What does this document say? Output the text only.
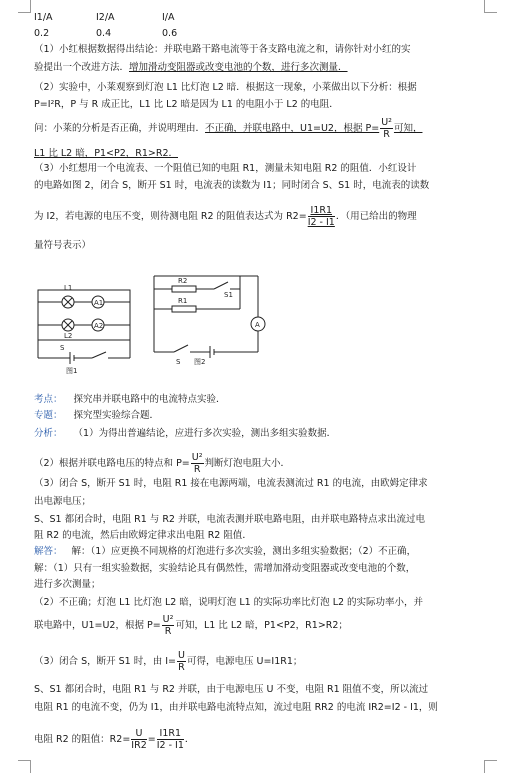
I1/A	I2/A	I/A
0.2	0.4	0.6
（1）小红根据数据得出结论：并联电路干路电流等于各支路电流之和，请你针对小红的实
验提出一个改进方法．增加滑动变阻器或改变电池的个数，进行多次测量．
（2）实验中，小莱观察到灯泡 L1 比灯泡 L2 暗．根据这一现象，小莱做出以下分析：根据
P=I²R，P 与 R 成正比，L1 比 L2 暗是因为 L1 的电阻小于 L2 的电阻．
问：小莱的分析是否正确，并说明理由．不正确，并联电路中，U1=U2，根据 $P= \frac{\text{U²}}{R}$ 可知，
L1 比 L2 暗，P1<P2，R1>R2．
（3）小红想用一个电流表、一个阻值已知的电阻 R1，测量未知电阻 R2 的阻值．小红设计
的电路如图 2，闭合 S，断开 S1 时，电流表的读数为 I1；同时闭合 S、S1 时，电流表的读数
为 I2，若电源的电压不变，则待测电阻 R2 的阻值表达式为 $R2= \frac{I1R1}{I2 - I1}$ ．（用已给出的物理
量符号表示）
L1
A1
L2
A2
S
图1
R2
S1
R1
A
S 图2
考点： 探究串并联电路中的电流特点实验．
专题： 探究型实验综合题．
分析： （1）为得出普遍结论，应进行多次实验，测出多组实验数据．
（2）根据并联电路电压的特点和 $P= \frac{\text{U²}}{R}$ 判断灯泡电阻大小．
（3）闭合 S，断开 S1 时，电阻 R1 接在电源两端，电流表测流过 R1 的电流，由欧姆定律求
出电源电压；
S、S1 都闭合时，电阻 R1 与 R2 并联，电流表测并联电路电阻，由并联电路特点求出流过电
阻 R2 的电流，然后由欧姆定律求出电阻 R2 阻值．
解答： 解：（1）应更换不同规格的灯泡进行多次实验，测出多组实验数据；（2）不正确，
解：（1）只有一组实验数据，实验结论具有偶然性，需增加滑动变阻器或改变电池的个数，
进行多次测量；
（2）不正确；灯泡 L1 比灯泡 L2 暗，说明灯泡 L1 的实际功率比灯泡 L2 的实际功率小，并
联电路中，U1=U2，根据 $P= \frac{\text{U²}}{R}$ 可知，L1 比 L2 暗，P1<P2，R1>R2；
（3）闭合 S，断开 S1 时，由 $I= \frac{U}{R}$ 可得，电源电压 U=I1R1；
S、S1 都闭合时，电阻 R1 与 R2 并联，由于电源电压 U 不变，电阻 R1 阻值不变，所以流过
电阻 R1 的电流不变，仍为 I1，由并联电路电流特点知，流过电阻 RR2 的电流 IR2=I2 - I1，则
电阻 R2 的阻值：$R2= \frac{U}{IR2} = \frac{I1R1}{I2 - I1}$ ．
